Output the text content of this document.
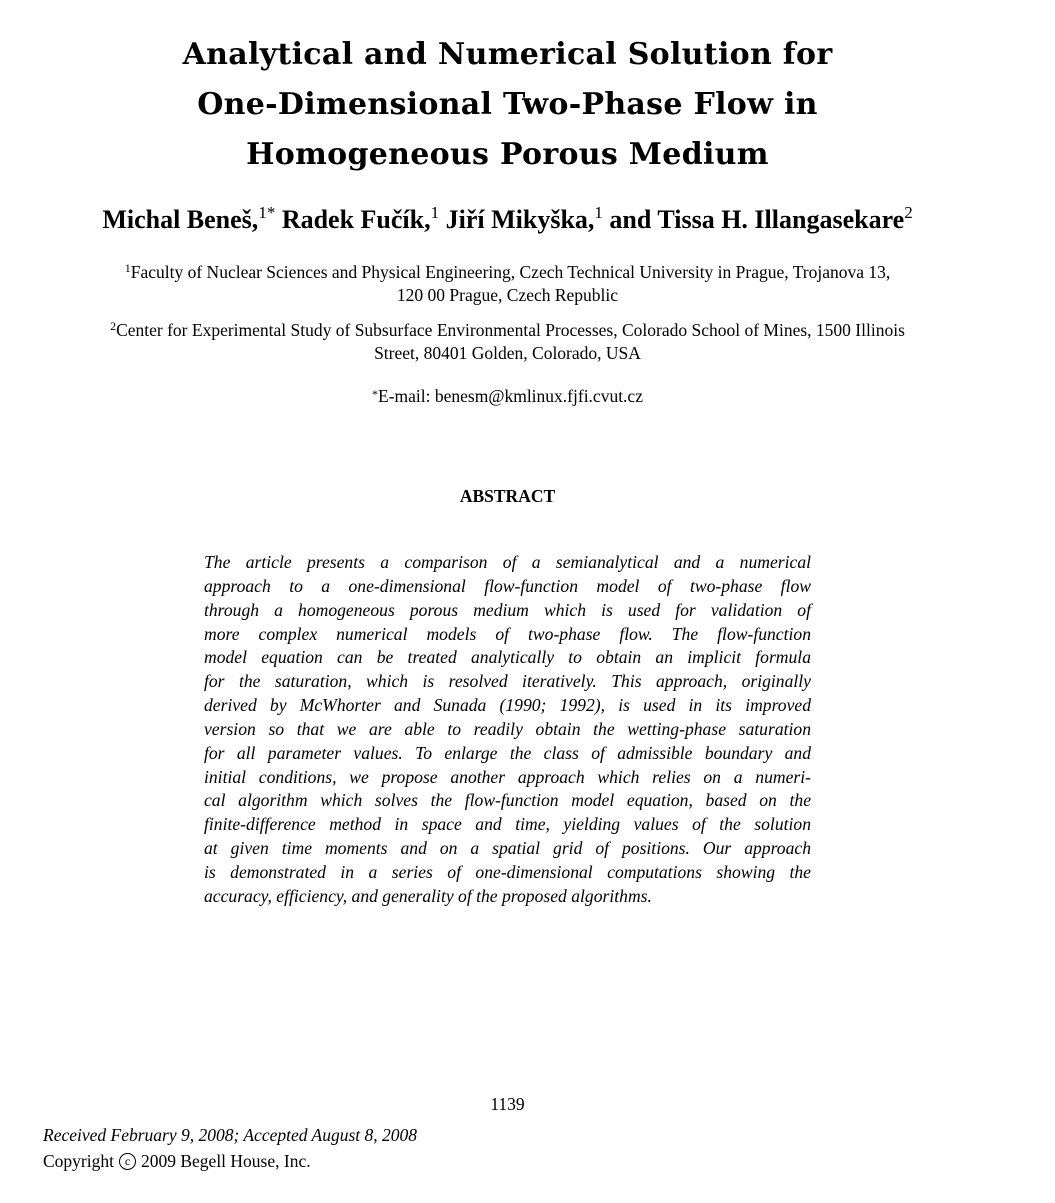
Analytical and Numerical Solution for
One-Dimensional Two-Phase Flow in
Homogeneous Porous Medium
Michal Beneš,$^{1*}$ Radek Fučík,$^1$ Jiří Mikyška,$^1$ and Tissa H. Illangasekare$^2$
$^1$Faculty of Nuclear Sciences and Physical Engineering, Czech Technical University in Prague, Trojanova 13,
120 00 Prague, Czech Republic
$^2$Center for Experimental Study of Subsurface Environmental Processes, Colorado School of Mines, 1500 Illinois
Street, 80401 Golden, Colorado, USA
*E-mail: benesm@kmlinux.fjfi.cvut.cz
ABSTRACT
The article presents a comparison of a semianalytical and a numerical
approach to a one-dimensional flow-function model of two-phase flow
through a homogeneous porous medium which is used for validation of
more complex numerical models of two-phase flow. The flow-function
model equation can be treated analytically to obtain an implicit formula
for the saturation, which is resolved iteratively. This approach, originally
derived by McWhorter and Sunada (1990; 1992), is used in its improved
version so that we are able to readily obtain the wetting-phase saturation
for all parameter values. To enlarge the class of admissible boundary and
initial conditions, we propose another approach which relies on a numeri-
cal algorithm which solves the flow-function model equation, based on the
finite-difference method in space and time, yielding values of the solution
at given time moments and on a spatial grid of positions. Our approach
is demonstrated in a series of one-dimensional computations showing the
accuracy, efficiency, and generality of the proposed algorithms.
1139
Received February 9, 2008; Accepted August 8, 2008
Copyright c 2009 Begell House, Inc.
